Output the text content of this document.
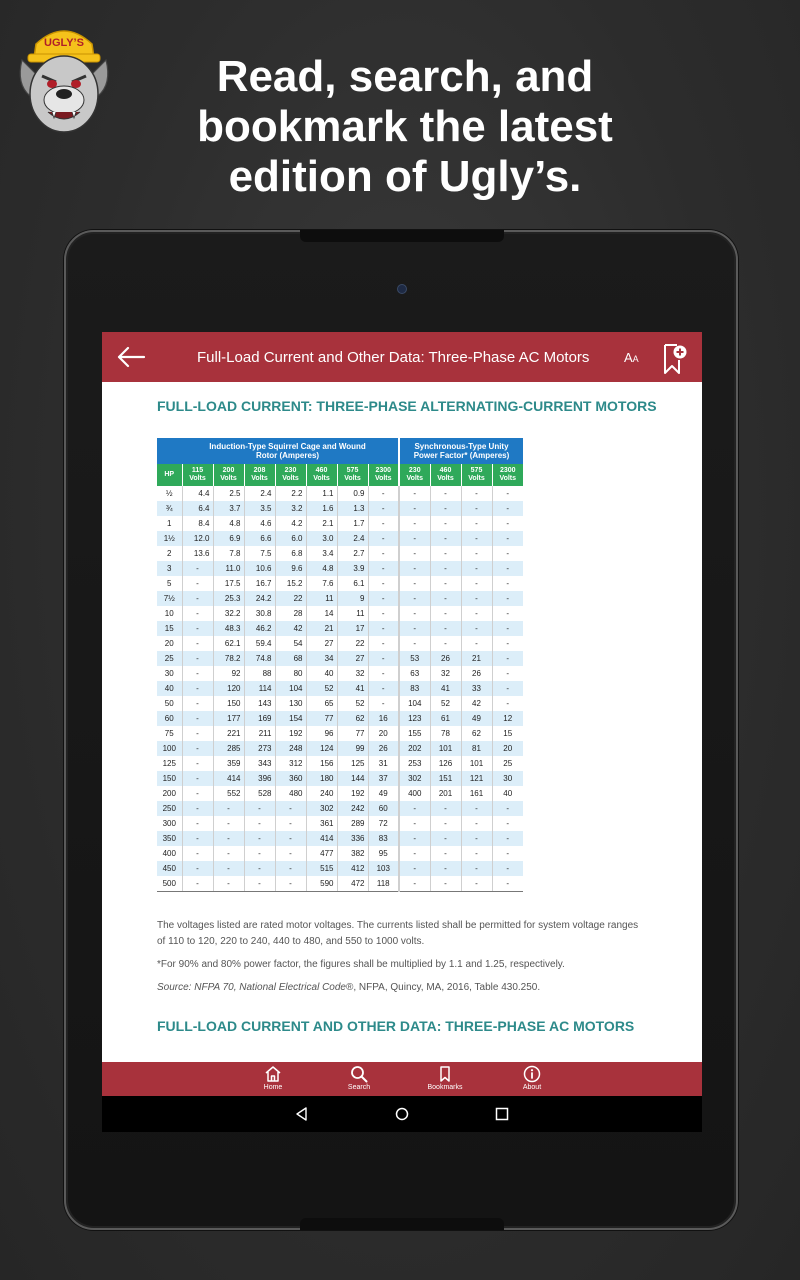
UGLY’S
Read, search, and bookmark the latest edition of Ugly’s.
Full-Load Current and Other Data: Three-Phase AC Motors	AA
FULL-LOAD CURRENT: THREE-PHASE ALTERNATING-CURRENT MOTORS
Induction-Type Squirrel Cage and Wound Rotor (Amperes)								Synchronous-Type Unity Power Factor* (Amperes)			
HP	115 Volts	200 Volts	208 Volts	230 Volts	460 Volts	575 Volts	2300 Volts	230 Volts	460 Volts	575 Volts	2300 Volts
½	4.4	2.5	2.4	2.2	1.1	0.9	-	-	-	-	-
¾	6.4	3.7	3.5	3.2	1.6	1.3	-	-	-	-	-
1	8.4	4.8	4.6	4.2	2.1	1.7	-	-	-	-	-
1½	12.0	6.9	6.6	6.0	3.0	2.4	-	-	-	-	-
2	13.6	7.8	7.5	6.8	3.4	2.7	-	-	-	-	-
3	-	11.0	10.6	9.6	4.8	3.9	-	-	-	-	-
5	-	17.5	16.7	15.2	7.6	6.1	-	-	-	-	-
7½	-	25.3	24.2	22	11	9	-	-	-	-	-
10	-	32.2	30.8	28	14	11	-	-	-	-	-
15	-	48.3	46.2	42	21	17	-	-	-	-	-
20	-	62.1	59.4	54	27	22	-	-	-	-	-
25	-	78.2	74.8	68	34	27	-	53	26	21	-
30	-	92	88	80	40	32	-	63	32	26	-
40	-	120	114	104	52	41	-	83	41	33	-
50	-	150	143	130	65	52	-	104	52	42	-
60	-	177	169	154	77	62	16	123	61	49	12
75	-	221	211	192	96	77	20	155	78	62	15
100	-	285	273	248	124	99	26	202	101	81	20
125	-	359	343	312	156	125	31	253	126	101	25
150	-	414	396	360	180	144	37	302	151	121	30
200	-	552	528	480	240	192	49	400	201	161	40
250	-	-	-	-	302	242	60	-	-	-	-
300	-	-	-	-	361	289	72	-	-	-	-
350	-	-	-	-	414	336	83	-	-	-	-
400	-	-	-	-	477	382	95	-	-	-	-
450	-	-	-	-	515	412	103	-	-	-	-
500	-	-	-	-	590	472	118	-	-	-	-

The voltages listed are rated motor voltages. The currents listed shall be permitted for system voltage ranges of 110 to 120, 220 to 240, 440 to 480, and 550 to 1000 volts.

*For 90% and 80% power factor, the figures shall be multiplied by 1.1 and 1.25, respectively.

Source: NFPA 70, National Electrical Code®, NFPA, Quincy, MA, 2016, Table 430.250.

FULL-LOAD CURRENT AND OTHER DATA: THREE-PHASE AC MOTORS
Home	Search	Bookmarks	About
